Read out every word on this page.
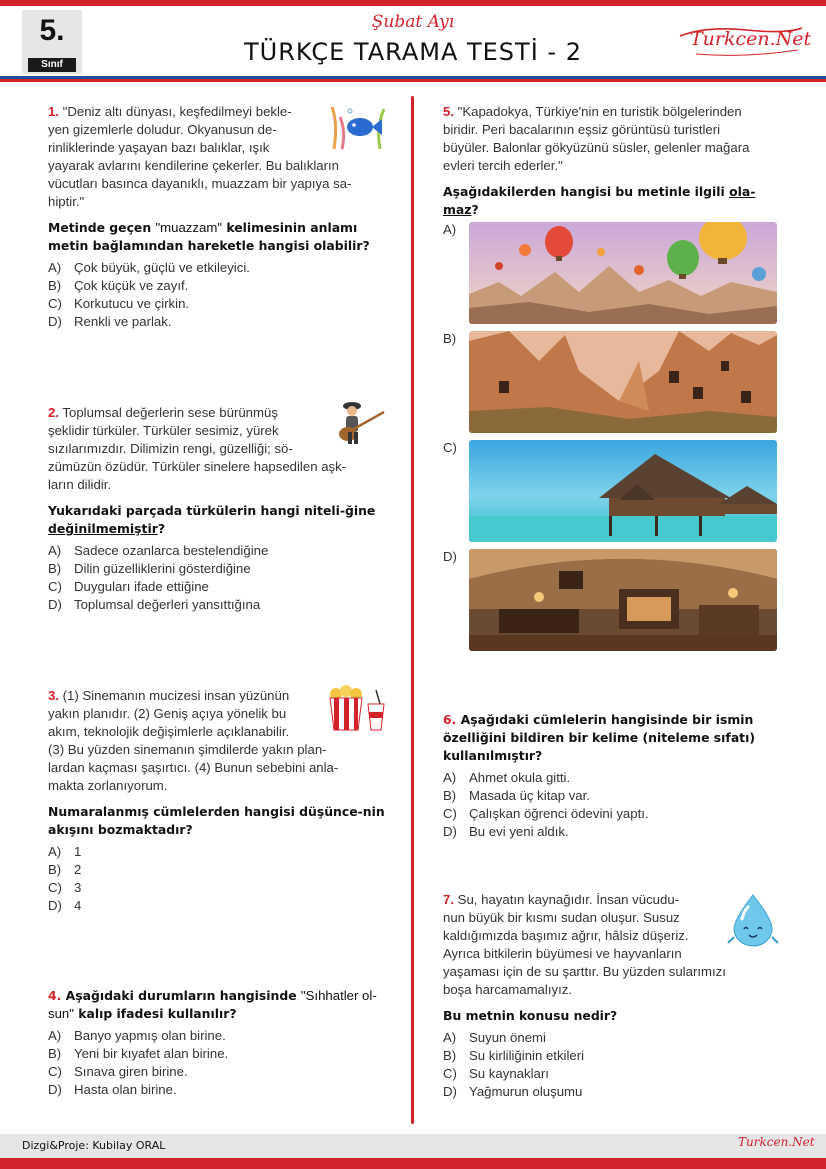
5.
Sınıf
Şubat Ayı
TÜRKÇE TARAMA TESTİ - 2	Turkcen.Net
1. "Deniz altı dünyası, keşfedilmeyi bekle-
yen gizemlerle doludur. Okyanusun de-
rinliklerinde yaşayan bazı balıklar, ışık
yayarak avlarını kendilerine çekerler. Bu balıkların
vücutları basınca dayanıklı, muazzam bir yapıya sa-
hiptir."
Metinde geçen "muazzam" kelimesinin anlamı metin bağlamından hareketle hangisi olabilir?
A) Çok büyük, güçlü ve etkileyici.
B) Çok küçük ve zayıf.
C) Korkutucu ve çirkin.
D) Renkli ve parlak.
2. Toplumsal değerlerin sese bürünmüş
şeklidir türküler. Türküler sesimiz, yürek
sızılarımızdır. Dilimizin rengi, güzelliği; sö-
zümüzün özüdür. Türküler sinelere hapsedilen aşk-
ların dilidir.
Yukarıdaki parçada türkülerin hangi niteli-ğine değinilmemiştir?
A) Sadece ozanlarca bestelendiğine
B) Dilin güzelliklerini gösterdiğine
C) Duyguları ifade ettiğine
D) Toplumsal değerleri yansıttığına
3. (1) Sinemanın mucizesi insan yüzünün
yakın planıdır. (2) Geniş açıya yönelik bu
akım, teknolojik değişimlerle açıklanabilir.
(3) Bu yüzden sinemanın şimdilerde yakın plan-
lardan kaçması şaşırtıcı. (4) Bunun sebebini anla-
makta zorlanıyorum.
Numaralanmış cümlelerden hangisi düşünce-nin akışını bozmaktadır?
A) 1
B) 2
C) 3
D) 4
4. Aşağıdaki durumların hangisinde "Sıhhatler ol-sun" kalıp ifadesi kullanılır?
A) Banyo yapmış olan birine.
B) Yeni bir kıyafet alan birine.
C) Sınava giren birine.
D) Hasta olan birine.
5. "Kapadokya, Türkiye'nin en turistik bölgelerinden
biridir. Peri bacalarının eşsiz görüntüsü turistleri
büyüler. Balonlar gökyüzünü süsler, gelenler mağara
evleri tercih ederler."
Aşağıdakilerden hangisi bu metinle ilgili ola-maz?
A)
B)
C)
D)
6. Aşağıdaki cümlelerin hangisinde bir ismin özelliğini bildiren bir kelime (niteleme sıfatı) kullanılmıştır?
A) Ahmet okula gitti.
B) Masada üç kitap var.
C) Çalışkan öğrenci ödevini yaptı.
D) Bu evi yeni aldık.
7. Su, hayatın kaynağıdır. İnsan vücudu-
nun büyük bir kısmı sudan oluşur. Susuz
kaldığımızda başımız ağrır, hâlsiz düşeriz.
Ayrıca bitkilerin büyümesi ve hayvanların
yaşaması için de su şarttır. Bu yüzden sularımızı
boşa harcamamalıyız.
Bu metnin konusu nedir?
A) Suyun önemi
B) Su kirliliğinin etkileri
C) Su kaynakları
D) Yağmurun oluşumu
Dizgi&Proje: Kubilay ORAL	Turkcen.Net
